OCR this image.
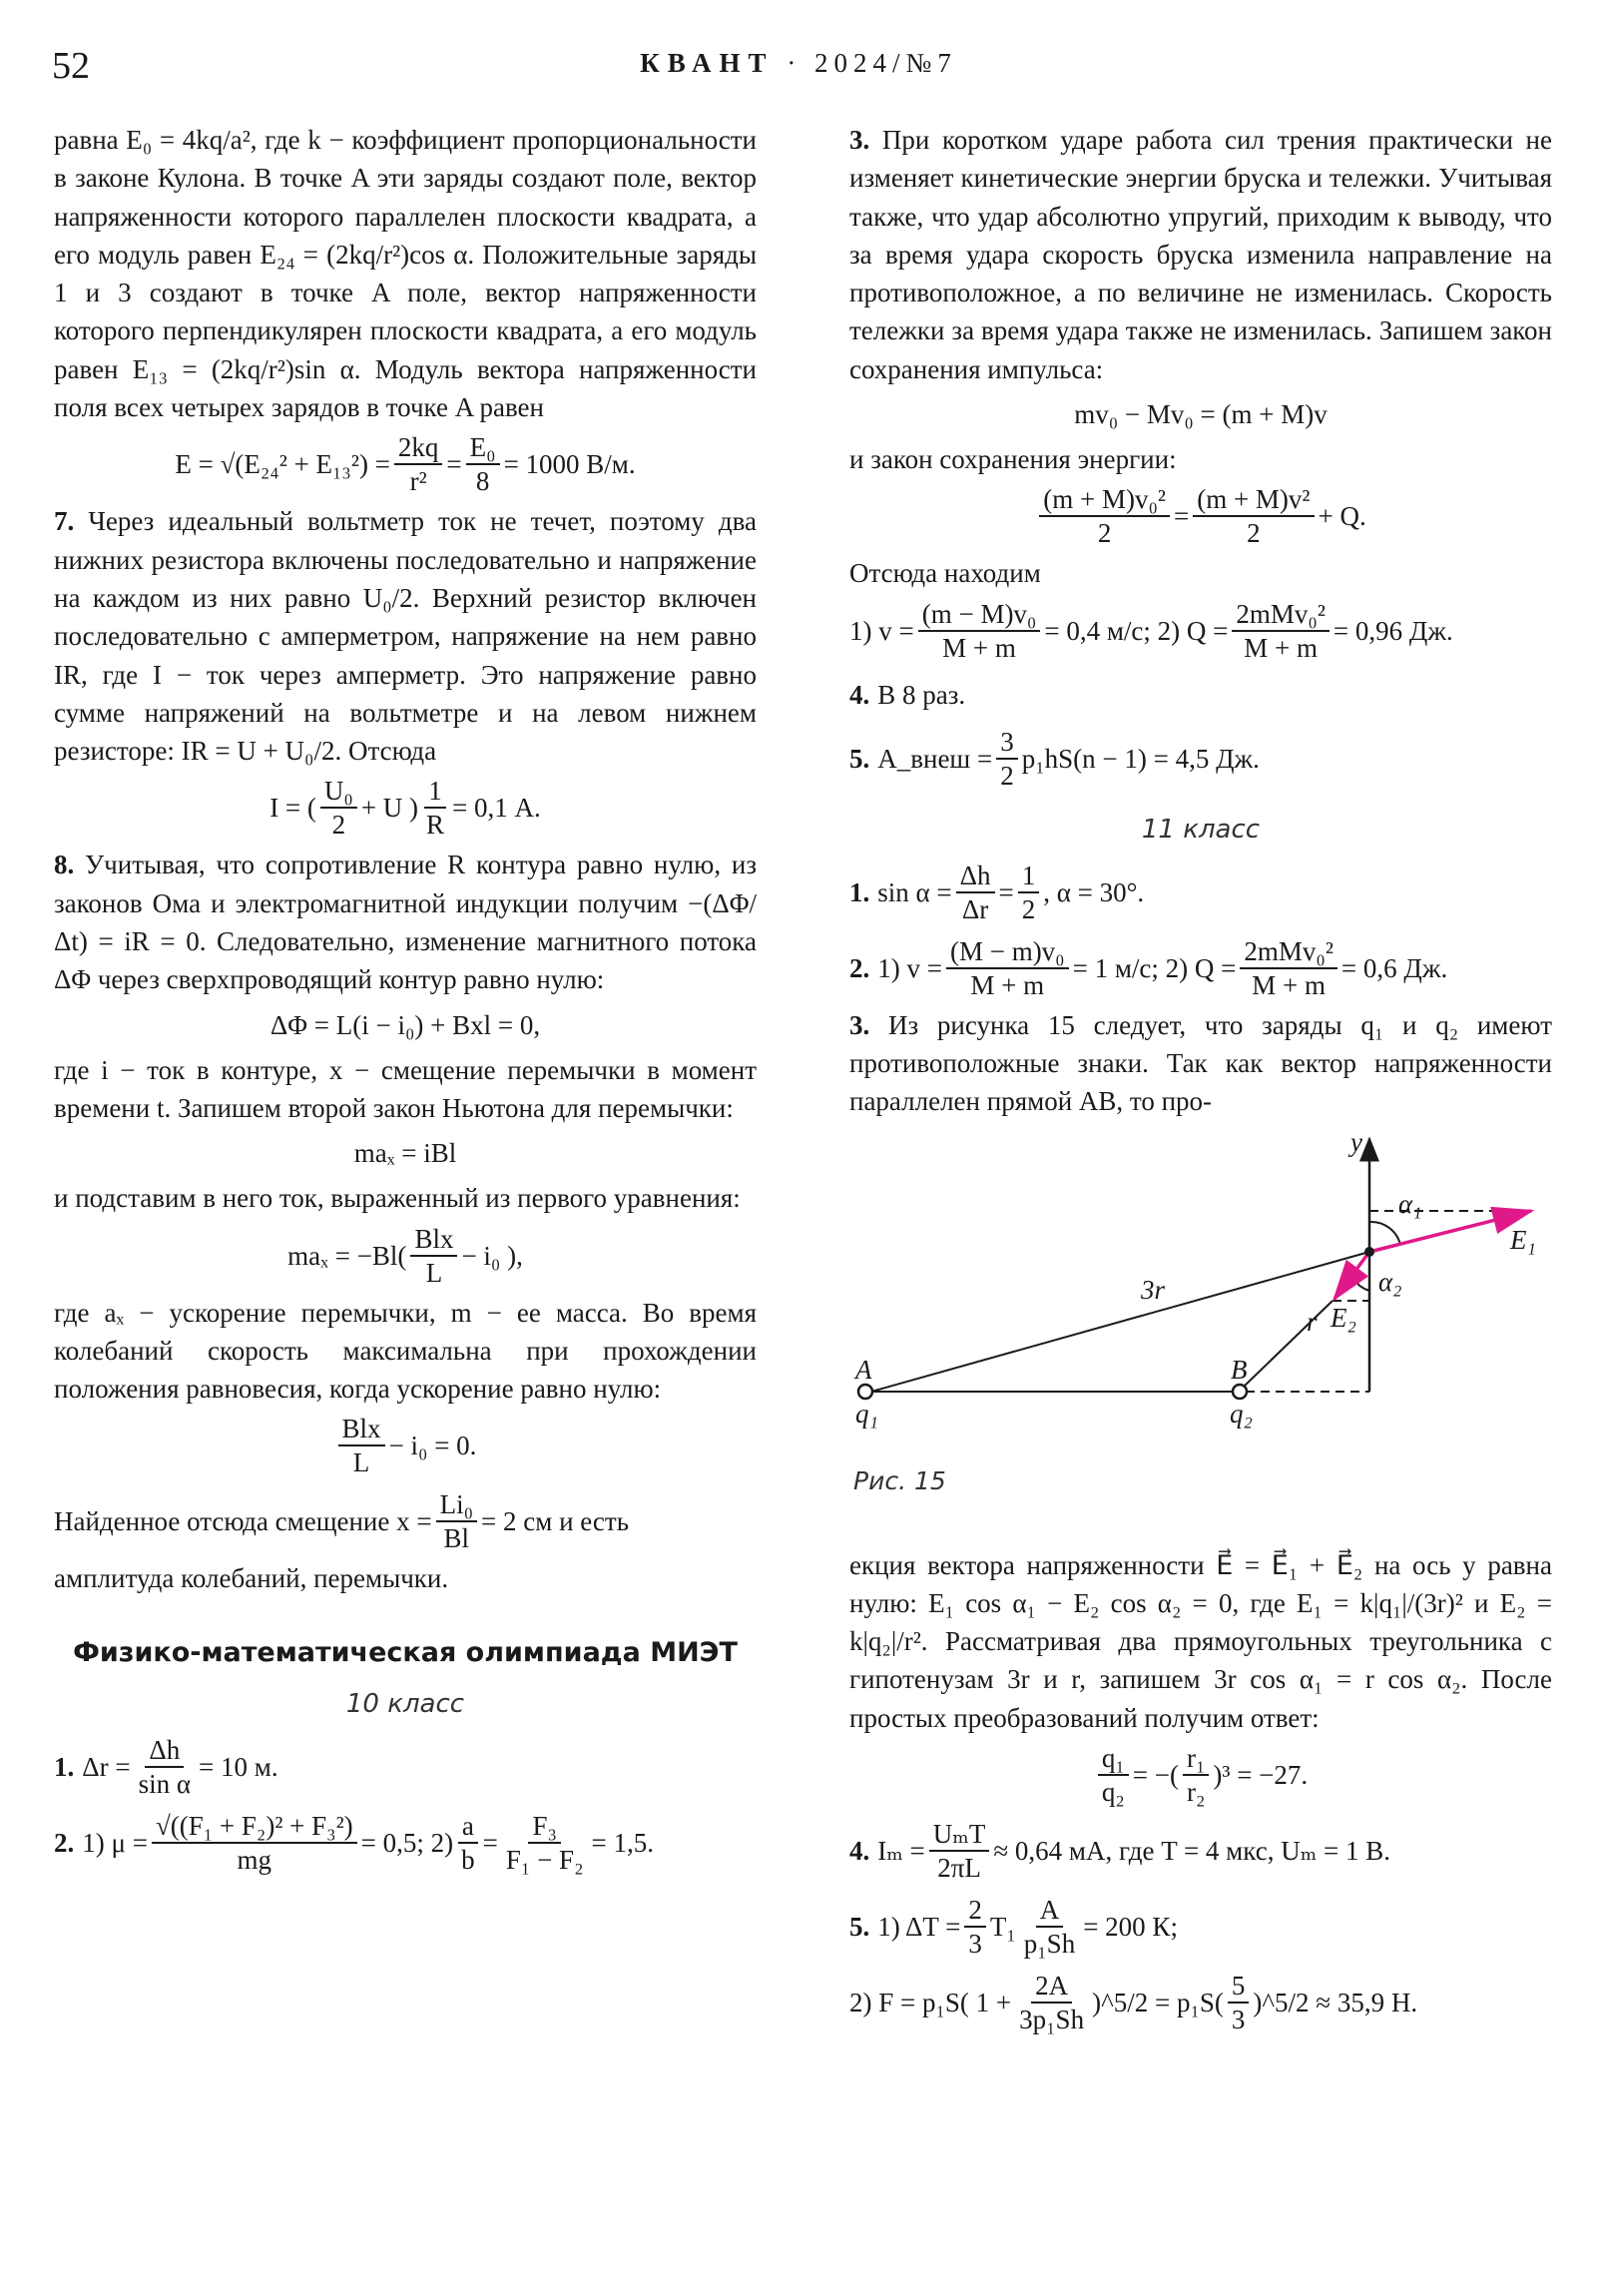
52	КВАНТ · 2024/№7

равна E₀ = 4kq/a², где k − коэффициент пропорциональности в законе Кулона. В точке A эти заряды создают поле, вектор напряженности которого параллелен плоскости квадрата, а его модуль равен E₂₄ = (2kq/r²)cos α. Положительные заряды 1 и 3 создают в точке A поле, вектор напряженности которого перпендикулярен плоскости квадрата, а его модуль равен E₁₃ = (2kq/r²)sin α. Модуль вектора напряженности поля всех четырех зарядов в точке A равен

$E = √(E_{24}^2 + E_{13}^2) = \frac{2kq}{\text{r²}} = \frac{\text{E₀}}{8} = 1000$ В/м.

7. Через идеальный вольтметр ток не течет, поэтому два нижних резистора включены последовательно и напряжение на каждом из них равно U₀/2. Верхний резистор включен последовательно с амперметром, напряжение на нем равно IR, где I − ток через амперметр. Это напряжение равно сумме напряжений на вольтметре и на левом нижнем резисторе: IR = U + U₀/2. Отсюда

I = ( $\frac{\text{U₀}}{2} + U$ ) $\frac{1}{R} = 0,1$ А.

8. Учитывая, что сопротивление R контура равно нулю, из законов Ома и электромагнитной индукции получим −(ΔΦ/Δt) = iR = 0. Следовательно, изменение магнитного потока ΔΦ через сверхпроводящий контур равно нулю:

ΔΦ = L(i − i₀) + Bxl = 0,

где i − ток в контуре, x − смещение перемычки в момент времени t. Запишем второй закон Ньютона для перемычки:

maₓ = iBl

и подставим в него ток, выраженный из первого уравнения:

$ma_x = -Bl( \frac{\text{Blx}}{L} - i_0$ ),

где aₓ − ускорение перемычки, m − ее масса. Во время колебаний скорость максимальна при прохождении положения равновесия, когда ускорение равно нулю:

$\frac{\text{Blx}}{L} - i_0 = 0$.
Найденное отсюда смещение $x = \frac{\text{Li₀}}{Bl} = 2$ см и есть

амплитуда колебаний, перемычки.

Физико-математическая олимпиада МИЭТ
10 класс
1. $\Delta r = \frac{\Delta h}{\text{sin α}} = 10$ м.
2. 1) $\mu = \frac{\text{√((F₁ + F₂)² + F₃²)}}{mg} = 0,5$; $2) \frac{a}{b} = \frac{\text{F₃}}{\text{F₁ − F₂}} = 1,5$.

3. При коротком ударе работа сил трения практически не изменяет кинетические энергии бруска и тележки. Учитывая также, что удар абсолютно упругий, приходим к выводу, что за время удара скорость бруска изменила направление на противоположное, а по величине не изменилась. Скорость тележки за время удара также не изменилась. Запишем закон сохранения импульса:

mv₀ − Mv₀ = (m + M)v

и закон сохранения энергии:

$\frac{\text{(m + M)v₀²}}{2} = \frac{\text{(m + M)v²}}{2} + Q$.

Отсюда находим

1) $v = \frac{\text{(m − M)v₀}}{M + m} = 0,4$ м/с; 2) $Q = \frac{\text{2mMv₀²}}{M + m} = 0,96$ Дж.
4. В 8 раз.
5. A_внеш = $\frac{3}{2} p_1hS(n - 1) = 4,5$ Дж.
11 класс
1. $\sin \alpha = \frac{\Delta h}{\Delta r} = \frac{1}{2}$ , α = 30°.
2. 1) $v = \frac{\text{(M − m)v₀}}{M + m} = 1$ м/с; 2) $Q = \frac{\text{2mMv₀²}}{M + m} = 0,6$ Дж.

3. Из рисунка 15 следует, что заряды q₁ и q₂ имеют противоположные знаки. Так как вектор напряженности параллелен прямой AB, то про-

y
α₁
E₁
α₂
E₂
3r
r
A	B
q₁	q₂
Рис. 15

екция вектора напряженности E⃗ = E⃗₁ + E⃗₂ на ось y равна нулю: E₁ cos α₁ − E₂ cos α₂ = 0, где E₁ = k|q₁|/(3r)² и E₂ = k|q₂|/r². Рассматривая два прямоугольных треугольника с гипотенузам 3r и r, запишем 3r cos α₁ = r cos α₂. После простых преобразований получим ответ:

$\frac{\text{q₁}}{\text{q₂}}$ = −( $\frac{\text{r₁}}{\text{r₂}} )^3 = -27$.
4. $I_m = \frac{\text{UₘT}}{2\pi L} \approx 0,64$ мА, где T = 4 мкс, Uₘ = 1 В.
5. 1) $\Delta T = \frac{2}{3} T_1 \frac{A}{\text{p₁Sh}} = 200$ К;
2) F = p₁S( $1 + \frac{2A}{\text{3p₁Sh}}$ )^5/2 = $p_1S( \frac{5}{3}$ )^5/2 ≈ 35,9 Н.
